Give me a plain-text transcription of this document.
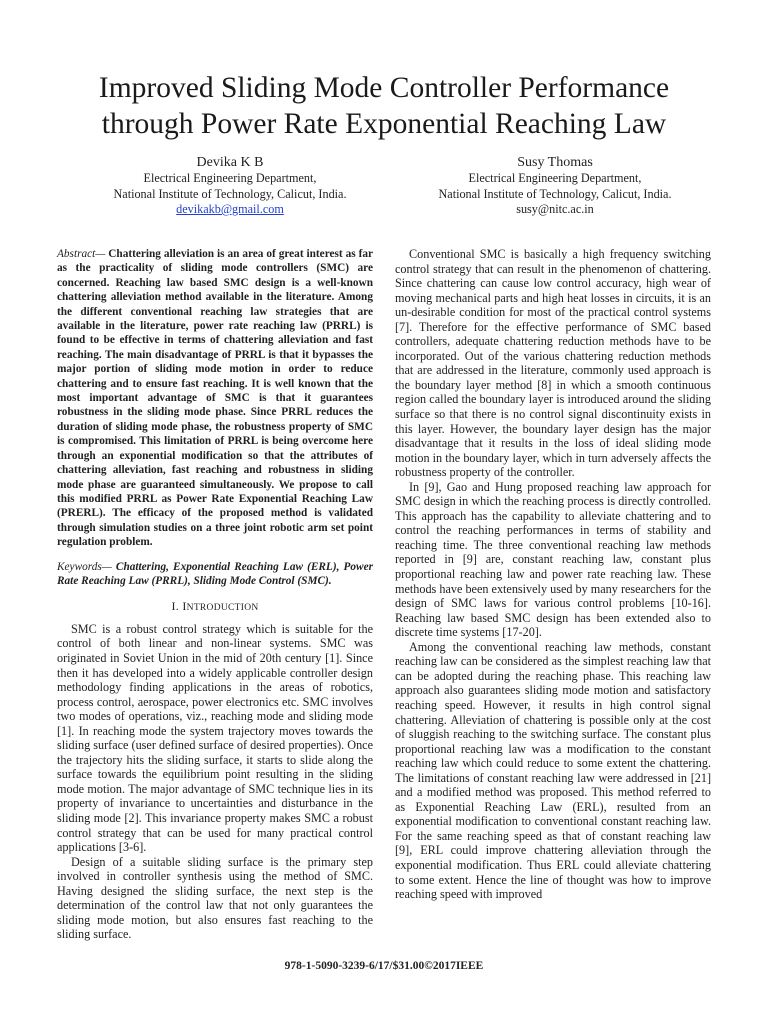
Improved Sliding Mode Controller Performance
through Power Rate Exponential Reaching Law
Devika K B
Electrical Engineering Department,
National Institute of Technology, Calicut, India.
devikakb@gmail.com
Susy Thomas
Electrical Engineering Department,
National Institute of Technology, Calicut, India.
susy@nitc.ac.in

Abstract— Chattering alleviation is an area of great interest as far as the practicality of sliding mode controllers (SMC) are concerned. Reaching law based SMC design is a well-known chattering alleviation method available in the literature. Among the different conventional reaching law strategies that are available in the literature, power rate reaching law (PRRL) is found to be effective in terms of chattering alleviation and fast reaching. The main disadvantage of PRRL is that it bypasses the major portion of sliding mode motion in order to reduce chattering and to ensure fast reaching. It is well known that the most important advantage of SMC is that it guarantees robustness in the sliding mode phase. Since PRRL reduces the duration of sliding mode phase, the robustness property of SMC is compromised. This limitation of PRRL is being overcome here through an exponential modification so that the attributes of chattering alleviation, fast reaching and robustness in sliding mode phase are guaranteed simultaneously. We propose to call this modified PRRL as Power Rate Exponential Reaching Law (PRERL). The efficacy of the proposed method is validated through simulation studies on a three joint robotic arm set point regulation problem.

Keywords— Chattering, Exponential Reaching Law (ERL), Power Rate Reaching Law (PRRL), Sliding Mode Control (SMC).

I. INTRODUCTION

SMC is a robust control strategy which is suitable for the control of both linear and non-linear systems. SMC was originated in Soviet Union in the mid of 20th century [1]. Since then it has developed into a widely applicable controller design methodology finding applications in the areas of robotics, process control, aerospace, power electronics etc. SMC involves two modes of operations, viz., reaching mode and sliding mode [1]. In reaching mode the system trajectory moves towards the sliding surface (user defined surface of desired properties). Once the trajectory hits the sliding surface, it starts to slide along the surface towards the equilibrium point resulting in the sliding mode motion. The major advantage of SMC technique lies in its property of invariance to uncertainties and disturbance in the sliding mode [2]. This invariance property makes SMC a robust control strategy that can be used for many practical control applications [3-6].

Design of a suitable sliding surface is the primary step involved in controller synthesis using the method of SMC. Having designed the sliding surface, the next step is the determination of the control law that not only guarantees the sliding mode motion, but also ensures fast reaching to the sliding surface.

Conventional SMC is basically a high frequency switching control strategy that can result in the phenomenon of chattering. Since chattering can cause low control accuracy, high wear of moving mechanical parts and high heat losses in circuits, it is an un-desirable condition for most of the practical control systems [7]. Therefore for the effective performance of SMC based controllers, adequate chattering reduction methods have to be incorporated. Out of the various chattering reduction methods that are addressed in the literature, commonly used approach is the boundary layer method [8] in which a smooth continuous region called the boundary layer is introduced around the sliding surface so that there is no control signal discontinuity exists in this layer. However, the boundary layer design has the major disadvantage that it results in the loss of ideal sliding mode motion in the boundary layer, which in turn adversely affects the robustness property of the controller.

In [9], Gao and Hung proposed reaching law approach for SMC design in which the reaching process is directly controlled. This approach has the capability to alleviate chattering and to control the reaching performances in terms of stability and reaching time. The three conventional reaching law methods reported in [9] are, constant reaching law, constant plus proportional reaching law and power rate reaching law. These methods have been extensively used by many researchers for the design of SMC laws for various control problems [10-16]. Reaching law based SMC design has been extended also to discrete time systems [17-20].

Among the conventional reaching law methods, constant reaching law can be considered as the simplest reaching law that can be adopted during the reaching phase. This reaching law approach also guarantees sliding mode motion and satisfactory reaching speed. However, it results in high control signal chattering. Alleviation of chattering is possible only at the cost of sluggish reaching to the switching surface. The constant plus proportional reaching law was a modification to the constant reaching law which could reduce to some extent the chattering. The limitations of constant reaching law were addressed in [21] and a modified method was proposed. This method referred to as Exponential Reaching Law (ERL), resulted from an exponential modification to conventional constant reaching law. For the same reaching speed as that of constant reaching law [9], ERL could improve chattering alleviation through the exponential modification. Thus ERL could alleviate chattering to some extent. Hence the line of thought was how to improve reaching speed with improved

978-1-5090-3239-6/17/$31.00©2017IEEE
